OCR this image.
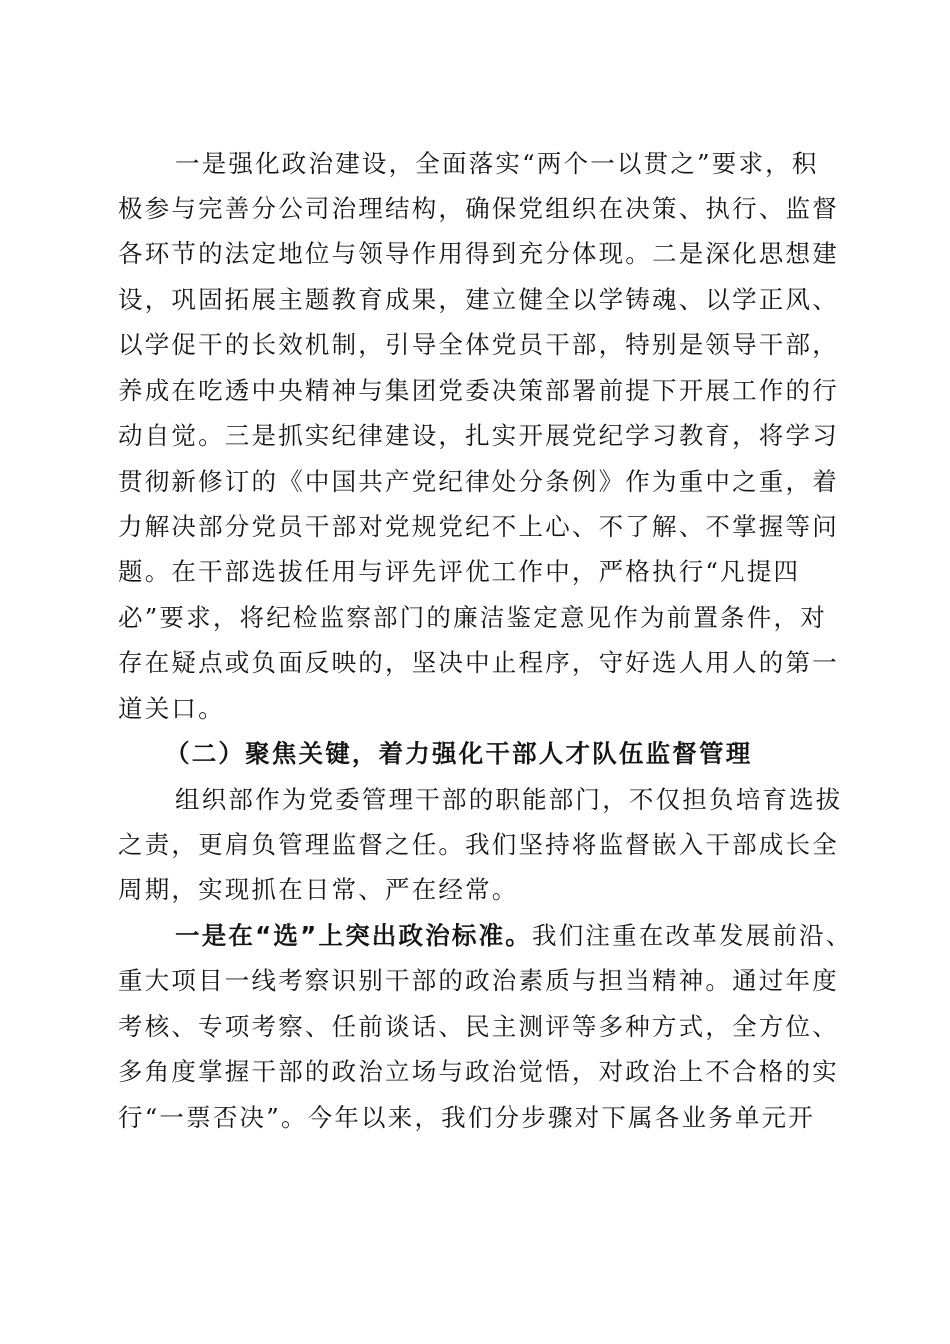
一是强化政治建设，全面落实“两个一以贯之”要求，积

极参与完善分公司治理结构，确保党组织在决策、执行、监督

各环节的法定地位与领导作用得到充分体现。二是深化思想建

设，巩固拓展主题教育成果，建立健全以学铸魂、以学正风、

以学促干的长效机制，引导全体党员干部，特别是领导干部，

养成在吃透中央精神与集团党委决策部署前提下开展工作的行

动自觉。三是抓实纪律建设，扎实开展党纪学习教育，将学习

贯彻新修订的《中国共产党纪律处分条例》作为重中之重，着

力解决部分党员干部对党规党纪不上心、不了解、不掌握等问

题。在干部选拔任用与评先评优工作中，严格执行“凡提四

必”要求，将纪检监察部门的廉洁鉴定意见作为前置条件，对

存在疑点或负面反映的，坚决中止程序，守好选人用人的第一

道关口。

（二）聚焦关键，着力强化干部人才队伍监督管理

组织部作为党委管理干部的职能部门，不仅担负培育选拔

之责，更肩负管理监督之任。我们坚持将监督嵌入干部成长全

周期，实现抓在日常、严在经常。

一是在“选”上突出政治标准。我们注重在改革发展前沿、

重大项目一线考察识别干部的政治素质与担当精神。通过年度

考核、专项考察、任前谈话、民主测评等多种方式，全方位、

多角度掌握干部的政治立场与政治觉悟，对政治上不合格的实

行“一票否决”。今年以来，我们分步骤对下属各业务单元开
